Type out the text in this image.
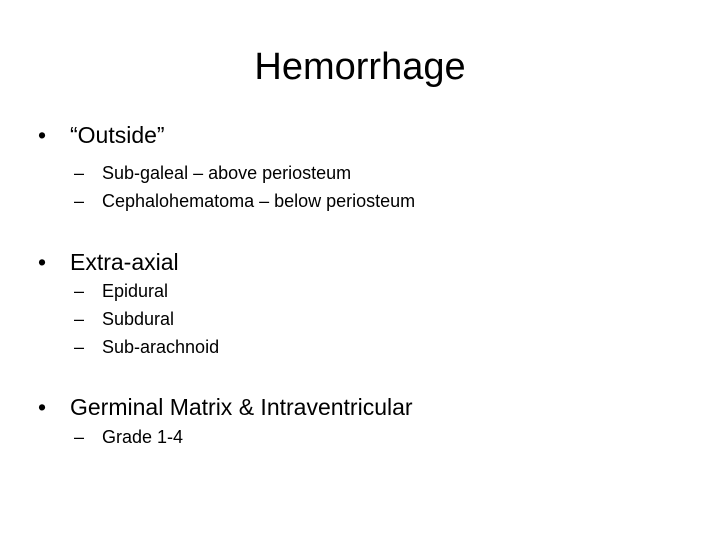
Hemorrhage
• “Outside”
– Sub-galeal – above periosteum
– Cephalohematoma – below periosteum
• Extra-axial
– Epidural
– Subdural
– Sub-arachnoid
• Germinal Matrix & Intraventricular
– Grade 1-4
